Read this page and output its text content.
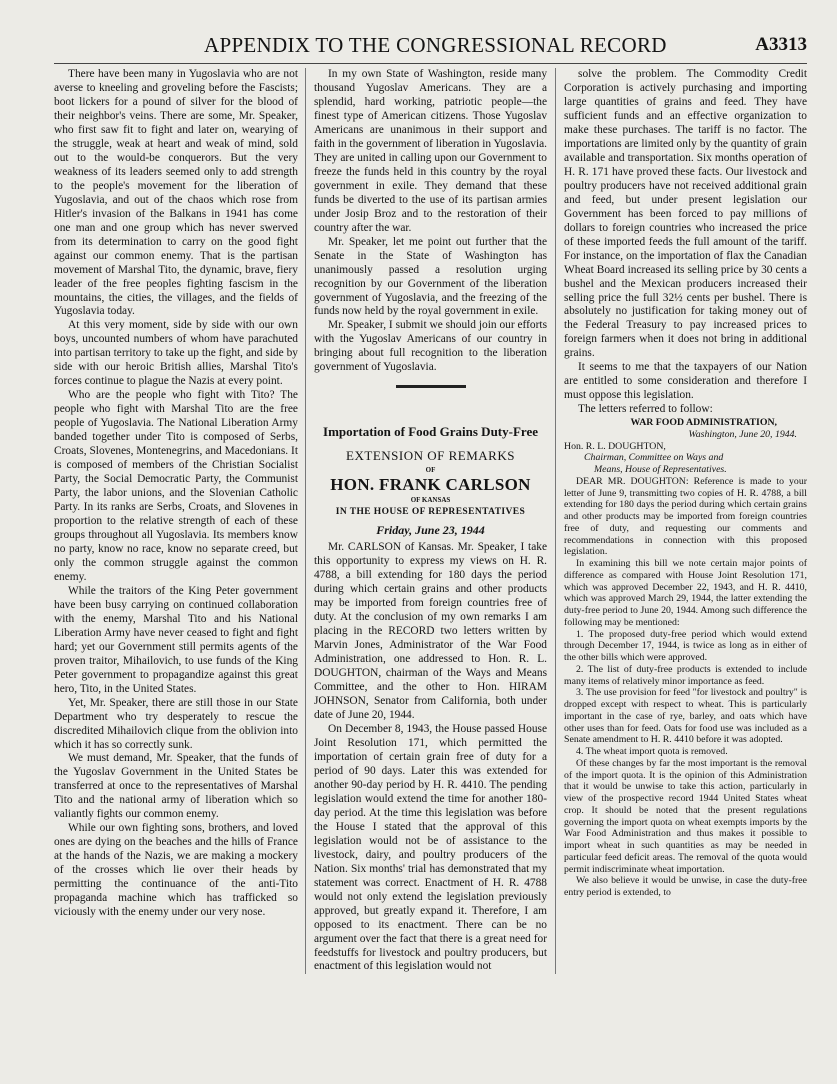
APPENDIX TO THE CONGRESSIONAL RECORD	A3313

There have been many in Yugoslavia who are not averse to kneeling and groveling before the Fascists; boot lickers for a pound of silver for the blood of their neighbor's veins. There are some, Mr. Speaker, who first saw fit to fight and later on, wearying of the struggle, weak at heart and weak of mind, sold out to the would-be conquerors. But the very weakness of its leaders seemed only to add strength to the people's movement for the liberation of Yugoslavia, and out of the chaos which rose from Hitler's invasion of the Balkans in 1941 has come one man and one group which has never swerved from its determination to carry on the good fight against our common enemy. That is the partisan movement of Marshal Tito, the dynamic, brave, fiery leader of the free peoples fighting fascism in the mountains, the cities, the villages, and the fields of Yugoslavia today.

At this very moment, side by side with our own boys, uncounted numbers of whom have parachuted into partisan territory to take up the fight, and side by side with our heroic British allies, Marshal Tito's forces continue to plague the Nazis at every point.

Who are the people who fight with Tito? The people who fight with Marshal Tito are the free people of Yugoslavia. The National Liberation Army banded together under Tito is composed of Serbs, Croats, Slovenes, Montenegrins, and Macedonians. It is composed of members of the Christian Socialist Party, the Social Democratic Party, the Communist Party, the labor unions, and the Slovenian Catholic Party. In its ranks are Serbs, Croats, and Slovenes in proportion to the relative strength of each of these groups throughout all Yugoslavia. Its members know no party, know no race, know no separate creed, but only the common struggle against the common enemy.

While the traitors of the King Peter government have been busy carrying on continued collaboration with the enemy, Marshal Tito and his National Liberation Army have never ceased to fight and fight hard; yet our Government still permits agents of the proven traitor, Mihailovich, to use funds of the King Peter government to propagandize against this great hero, Tito, in the United States.

Yet, Mr. Speaker, there are still those in our State Department who try desperately to rescue the discredited Mihailovich clique from the oblivion into which it has so correctly sunk.

We must demand, Mr. Speaker, that the funds of the Yugoslav Government in the United States be transferred at once to the representatives of Marshal Tito and the national army of liberation which so valiantly fights our common enemy.

While our own fighting sons, brothers, and loved ones are dying on the beaches and the hills of France at the hands of the Nazis, we are making a mockery of the crosses which lie over their heads by permitting the continuance of the anti-Tito propaganda machine which has trafficked so viciously with the enemy under our very nose.

In my own State of Washington, reside many thousand Yugoslav Americans. They are a splendid, hard working, patriotic people—the finest type of American citizens. Those Yugoslav Americans are unanimous in their support and faith in the government of liberation in Yugoslavia. They are united in calling upon our Government to freeze the funds held in this country by the royal government in exile. They demand that these funds be diverted to the use of its partisan armies under Josip Broz and to the restoration of their country after the war.

Mr. Speaker, let me point out further that the Senate in the State of Washington has unanimously passed a resolution urging recognition by our Government of the liberation government of Yugoslavia, and the freezing of the funds now held by the royal government in exile.

Mr. Speaker, I submit we should join our efforts with the Yugoslav Americans of our country in bringing about full recognition to the liberation government of Yugoslavia.

Importation of Food Grains Duty-Free
EXTENSION OF REMARKS
OF
HON. FRANK CARLSON
OF KANSAS
IN THE HOUSE OF REPRESENTATIVES
Friday, June 23, 1944

Mr. CARLSON of Kansas. Mr. Speaker, I take this opportunity to express my views on H. R. 4788, a bill extending for 180 days the period during which certain grains and other products may be imported from foreign countries free of duty. At the conclusion of my own remarks I am placing in the RECORD two letters written by Marvin Jones, Administrator of the War Food Administration, one addressed to Hon. R. L. DOUGHTON, chairman of the Ways and Means Committee, and the other to Hon. HIRAM JOHNSON, Senator from California, both under date of June 20, 1944.

On December 8, 1943, the House passed House Joint Resolution 171, which permitted the importation of certain grain free of duty for a period of 90 days. Later this was extended for another 90-day period by H. R. 4410. The pending legislation would extend the time for another 180-day period. At the time this legislation was before the House I stated that the approval of this legislation would not be of assistance to the livestock, dairy, and poultry producers of the Nation. Six months' trial has demonstrated that my statement was correct. Enactment of H. R. 4788 would not only extend the legislation previously approved, but greatly expand it. Therefore, I am opposed to its enactment. There can be no argument over the fact that there is a great need for feedstuffs for livestock and poultry producers, but enactment of this legislation would not

solve the problem. The Commodity Credit Corporation is actively purchasing and importing large quantities of grains and feed. They have sufficient funds and an effective organization to make these purchases. The tariff is no factor. The importations are limited only by the quantity of grain available and transportation. Six months operation of H. R. 171 have proved these facts. Our livestock and poultry producers have not received additional grain and feed, but under present legislation our Government has been forced to pay millions of dollars to foreign countries who increased the price of these imported feeds the full amount of the tariff. For instance, on the importation of flax the Canadian Wheat Board increased its selling price by 30 cents a bushel and the Mexican producers increased their selling price the full 32½ cents per bushel. There is absolutely no justification for taking money out of the Federal Treasury to pay increased prices to foreign farmers when it does not bring in additional grains.

It seems to me that the taxpayers of our Nation are entitled to some consideration and therefore I must oppose this legislation.

The letters referred to follow:

WAR FOOD ADMINISTRATION,
Washington, June 20, 1944.
Hon. R. L. DOUGHTON,
Chairman, Committee on Ways and
Means, House of Representatives.

DEAR MR. DOUGHTON: Reference is made to your letter of June 9, transmitting two copies of H. R. 4788, a bill extending for 180 days the period during which certain grains and other products may be imported from foreign countries free of duty, and requesting our comments and recommendations in connection with this proposed legislation.

In examining this bill we note certain major points of difference as compared with House Joint Resolution 171, which was approved December 22, 1943, and H. R. 4410, which was approved March 29, 1944, the latter extending the duty-free period to June 20, 1944. Among such difference the following may be mentioned:

1. The proposed duty-free period which would extend through December 17, 1944, is twice as long as in either of the other bills which were approved.

2. The list of duty-free products is extended to include many items of relatively minor importance as feed.

3. The use provision for feed "for livestock and poultry" is dropped except with respect to wheat. This is particularly important in the case of rye, barley, and oats which have other uses than for feed. Oats for food use was included as a Senate amendment to H. R. 4410 before it was adopted.

4. The wheat import quota is removed.

Of these changes by far the most important is the removal of the import quota. It is the opinion of this Administration that it would be unwise to take this action, particularly in view of the prospective record 1944 United States wheat crop. It should be noted that the present regulations governing the import quota on wheat exempts imports by the War Food Administration and thus makes it possible to import wheat in such quantities as may be needed in particular feed deficit areas. The removal of the quota would permit indiscriminate wheat importation.

We also believe it would be unwise, in case the duty-free entry period is extended, to
